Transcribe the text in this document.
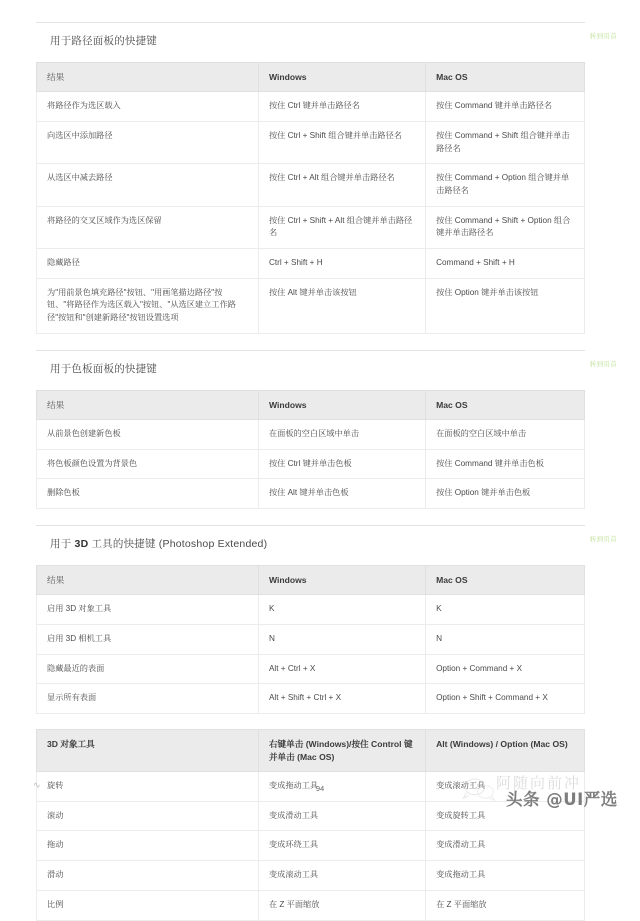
用于路径面板的快捷键	转到页首
结果	Windows	Mac OS
将路径作为选区载入	按住 Ctrl 键并单击路径名	按住 Command 键并单击路径名
向选区中添加路径	按住 Ctrl + Shift 组合键并单击路径名	按住 Command + Shift 组合键并单击路径名
从选区中减去路径	按住 Ctrl + Alt 组合键并单击路径名	按住 Command + Option 组合键并单击路径名
将路径的交叉区域作为选区保留	按住 Ctrl + Shift + Alt 组合键并单击路径名	按住 Command + Shift + Option 组合键并单击路径名
隐藏路径	Ctrl + Shift + H	Command + Shift + H
为"用前景色填充路径"按钮、"用画笔描边路径"按钮、"将路径作为选区载入"按钮、"从选区建立工作路径"按钮和"创建新路径"按钮设置选项	按住 Alt 键并单击该按钮	按住 Option 键并单击该按钮
用于色板面板的快捷键	转到页首
结果	Windows	Mac OS
从前景色创建新色板	在面板的空白区域中单击	在面板的空白区域中单击
将色板颜色设置为背景色	按住 Ctrl 键并单击色板	按住 Command 键并单击色板
删除色板	按住 Alt 键并单击色板	按住 Option 键并单击色板
用于 3D 工具的快捷键 (Photoshop Extended)	转到页首
结果	Windows	Mac OS
启用 3D 对象工具	K	K
启用 3D 相机工具	N	N
隐藏最近的表面	Alt + Ctrl + X	Option + Command + X
显示所有表面	Alt + Shift + Ctrl + X	Option + Shift + Command + X
3D 对象工具	右键单击 (Windows)/按住 Control 键并单击 (Mac OS)	Alt (Windows) / Option (Mac OS)
旋转	变成拖动工具	变成滚动工具
滚动	变成滑动工具	变成旋转工具
拖动	变成环绕工具	变成滑动工具
滑动	变成滚动工具	变成拖动工具
比例	在 Z 平面缩放	在 Z 平面缩放
∿	94	阿随向前冲
头条 @UI严选
